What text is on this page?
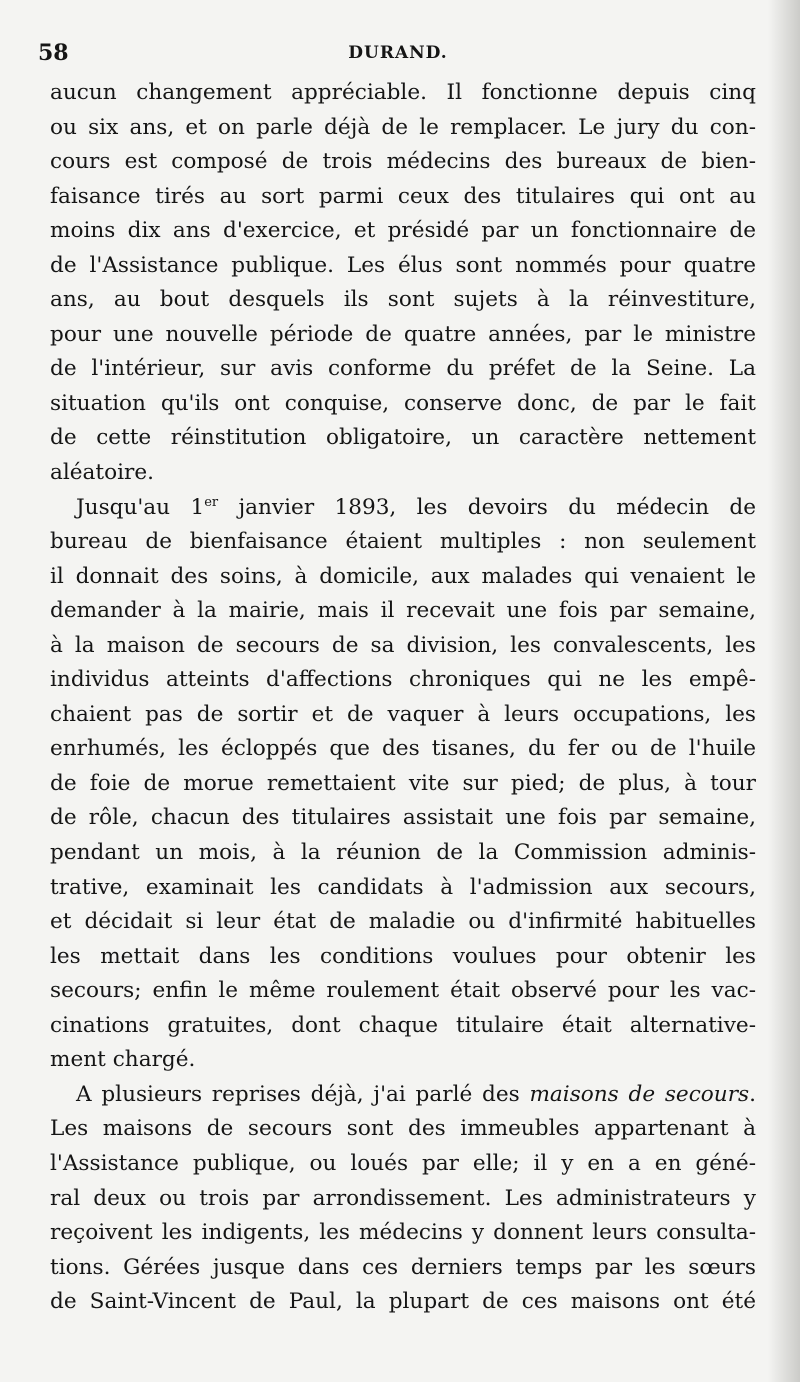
58	DURAND.
aucun changement appréciable. Il fonctionne depuis cinq
ou six ans, et on parle déjà de le remplacer. Le jury du con-
cours est composé de trois médecins des bureaux de bien-
faisance tirés au sort parmi ceux des titulaires qui ont au
moins dix ans d'exercice, et présidé par un fonctionnaire de
de l'Assistance publique. Les élus sont nommés pour quatre
ans, au bout desquels ils sont sujets à la réinvestiture,
pour une nouvelle période de quatre années, par le ministre
de l'intérieur, sur avis conforme du préfet de la Seine. La
situation qu'ils ont conquise, conserve donc, de par le fait
de cette réinstitution obligatoire, un caractère nettement
aléatoire.
Jusqu'au 1er janvier 1893, les devoirs du médecin de
bureau de bienfaisance étaient multiples : non seulement
il donnait des soins, à domicile, aux malades qui venaient le
demander à la mairie, mais il recevait une fois par semaine,
à la maison de secours de sa division, les convalescents, les
individus atteints d'affections chroniques qui ne les empê-
chaient pas de sortir et de vaquer à leurs occupations, les
enrhumés, les écloppés que des tisanes, du fer ou de l'huile
de foie de morue remettaient vite sur pied; de plus, à tour
de rôle, chacun des titulaires assistait une fois par semaine,
pendant un mois, à la réunion de la Commission adminis-
trative, examinait les candidats à l'admission aux secours,
et décidait si leur état de maladie ou d'infirmité habituelles
les mettait dans les conditions voulues pour obtenir les
secours; enfin le même roulement était observé pour les vac-
cinations gratuites, dont chaque titulaire était alternative-
ment chargé.
A plusieurs reprises déjà, j'ai parlé des maisons de secours.
Les maisons de secours sont des immeubles appartenant à
l'Assistance publique, ou loués par elle; il y en a en géné-
ral deux ou trois par arrondissement. Les administrateurs y
reçoivent les indigents, les médecins y donnent leurs consulta-
tions. Gérées jusque dans ces derniers temps par les sœurs
de Saint-Vincent de Paul, la plupart de ces maisons ont été
